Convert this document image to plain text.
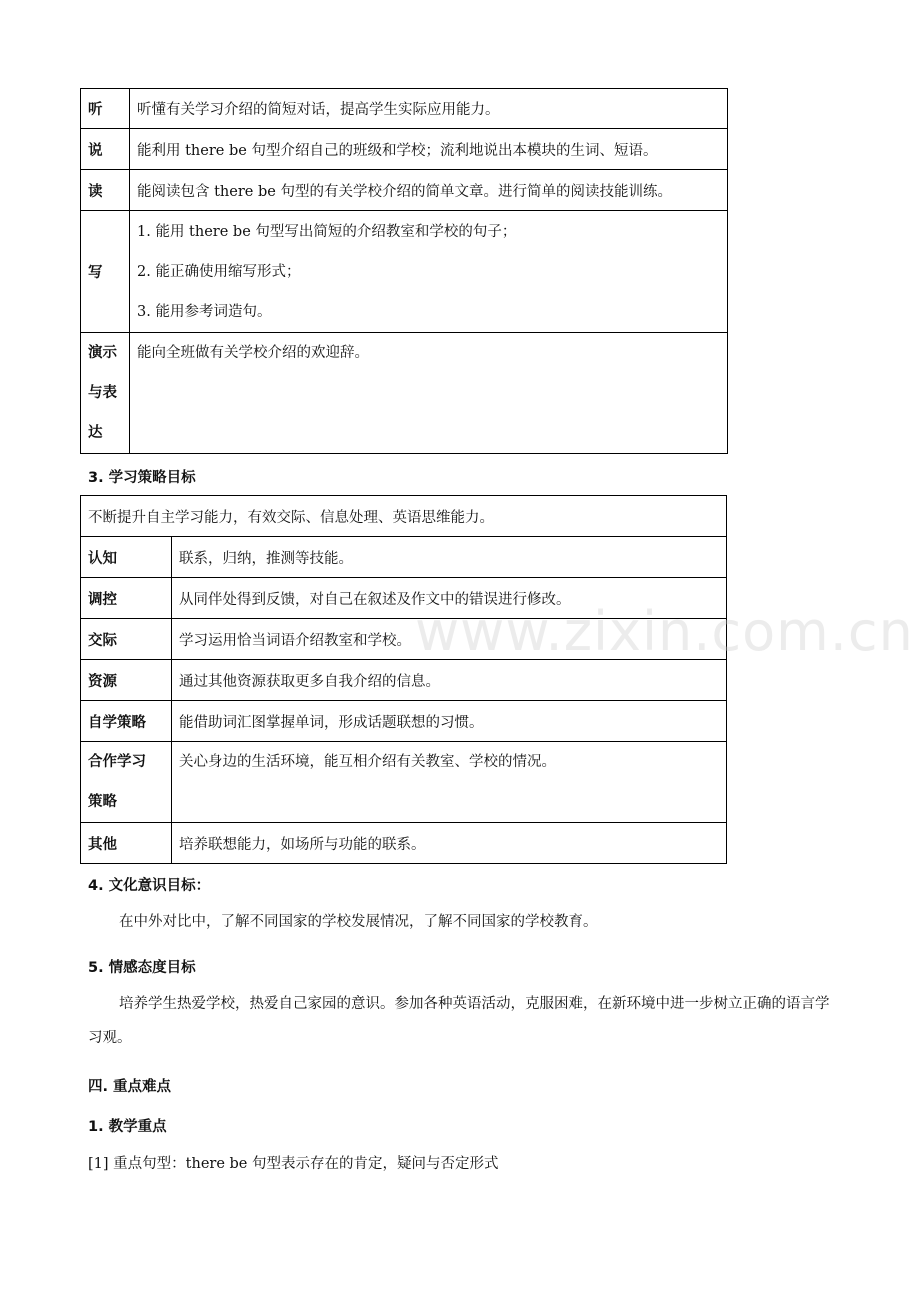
听	听懂有关学习介绍的简短对话，提高学生实际应用能力。
说	能利用 there be 句型介绍自己的班级和学校；流利地说出本模块的生词、短语。
读	能阅读包含 there be 句型的有关学校介绍的简单文章。进行简单的阅读技能训练。
写	1. 能用 there be 句型写出简短的介绍教室和学校的句子；
2. 能正确使用缩写形式；
3. 能用参考词造句。

演示
与表
达	能向全班做有关学校介绍的欢迎辞。
3. 学习策略目标
不断提升自主学习能力，有效交际、信息处理、英语思维能力。	
认知	联系，归纳，推测等技能。
调控	从同伴处得到反馈，对自己在叙述及作文中的错误进行修改。
交际	学习运用恰当词语介绍教室和学校。
资源	通过其他资源获取更多自我介绍的信息。
自学策略	能借助词汇图掌握单词，形成话题联想的习惯。

合作学习
策略	关心身边的生活环境，能互相介绍有关教室、学校的情况。

其他	培养联想能力，如场所与功能的联系。
4. 文化意识目标：
在中外对比中，了解不同国家的学校发展情况，了解不同国家的学校教育。
5. 情感态度目标
培养学生热爱学校，热爱自己家园的意识。参加各种英语活动，克服困难，在新环境中进一步树立正确的语言学习观。
四. 重点难点
1. 教学重点
[1] 重点句型：there be 句型表示存在的肯定，疑问与否定形式
www.zixin.com.cn
